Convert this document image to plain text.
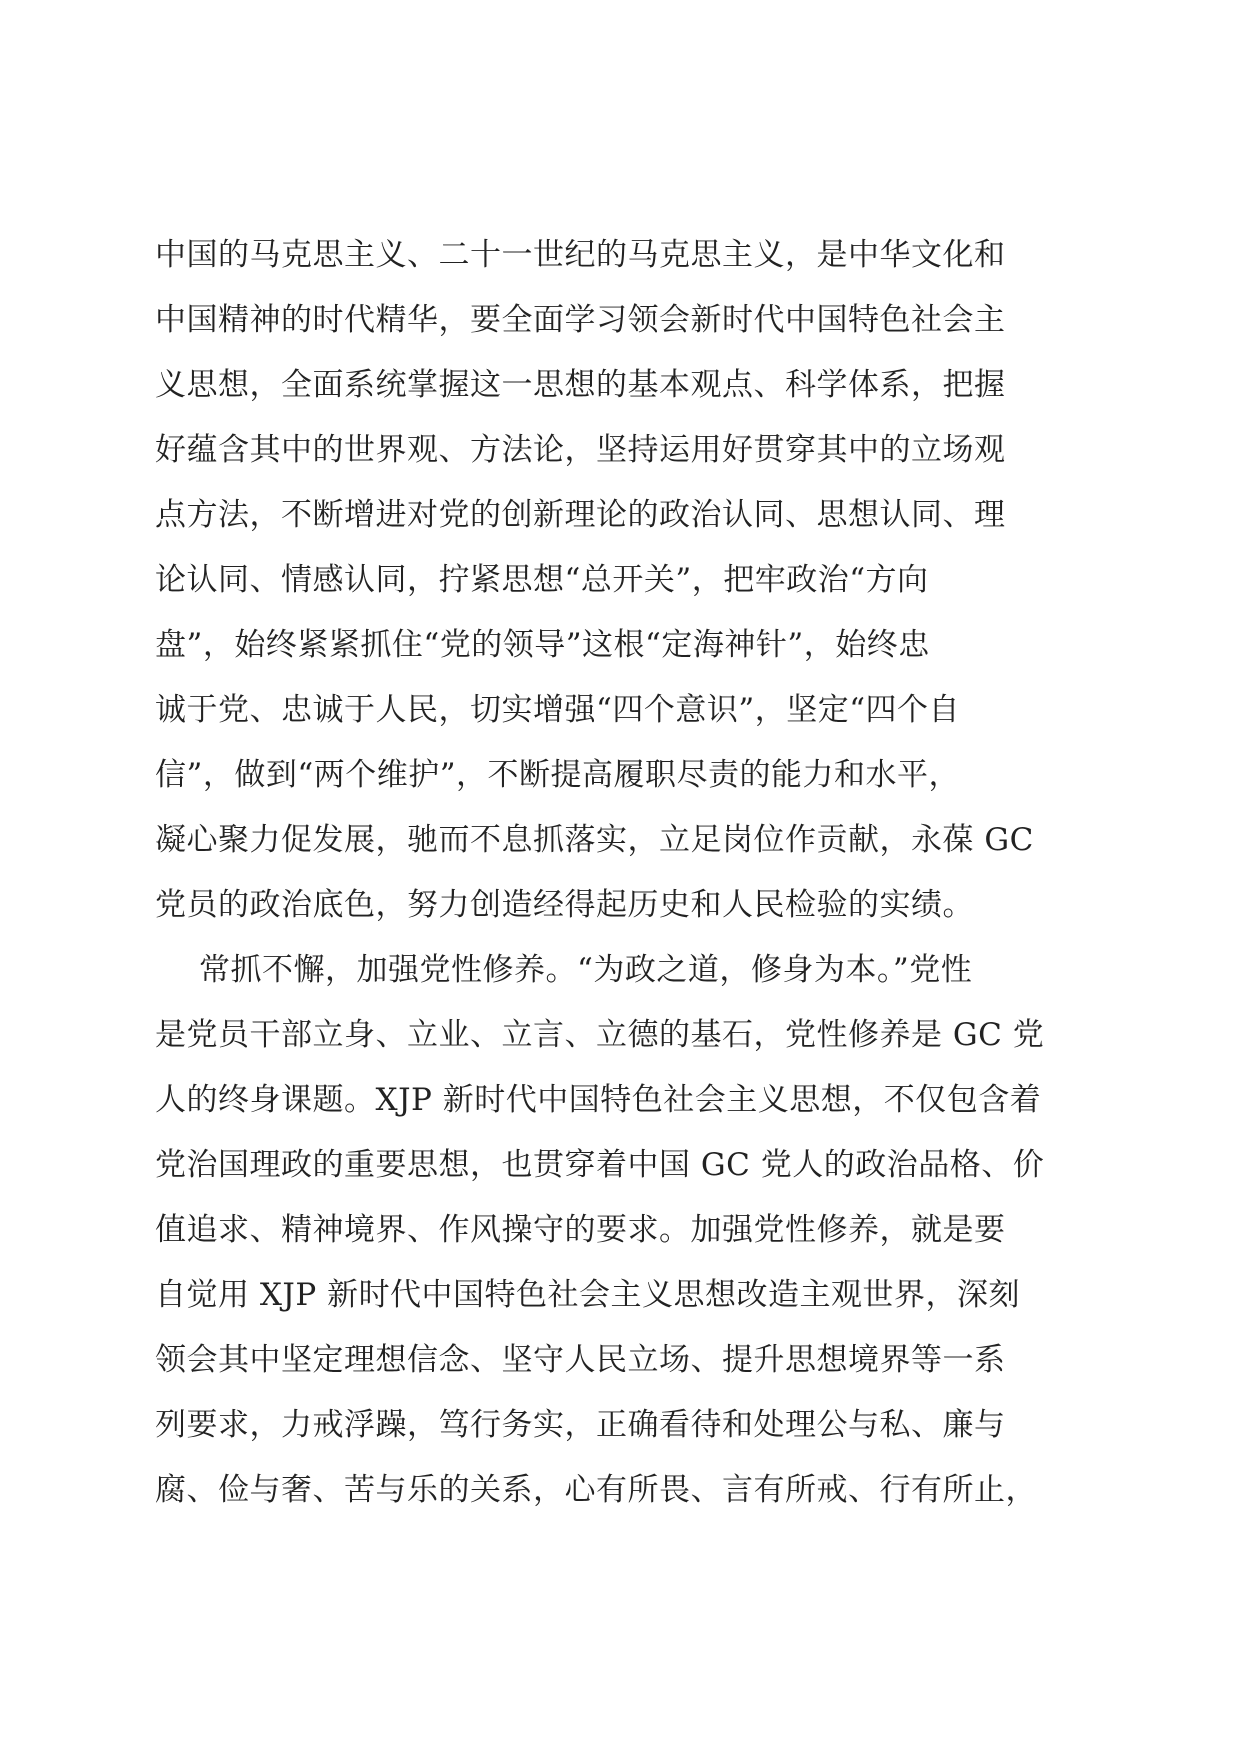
中国的马克思主义、二十一世纪的马克思主义，是中华文化和
中国精神的时代精华，要全面学习领会新时代中国特色社会主
义思想，全面系统掌握这一思想的基本观点、科学体系，把握
好蕴含其中的世界观、方法论，坚持运用好贯穿其中的立场观
点方法，不断增进对党的创新理论的政治认同、思想认同、理
论认同、情感认同，拧紧思想“总开关”，把牢政治“方向
盘”，始终紧紧抓住“党的领导”这根“定海神针”，始终忠
诚于党、忠诚于人民，切实增强“四个意识”，坚定“四个自
信”，做到“两个维护”，不断提高履职尽责的能力和水平，
凝心聚力促发展，驰而不息抓落实，立足岗位作贡献，永葆 GC
党员的政治底色，努力创造经得起历史和人民检验的实绩。
常抓不懈，加强党性修养。“为政之道，修身为本。”党性
是党员干部立身、立业、立言、立德的基石，党性修养是 GC 党
人的终身课题。XJP 新时代中国特色社会主义思想，不仅包含着
党治国理政的重要思想，也贯穿着中国 GC 党人的政治品格、价
值追求、精神境界、作风操守的要求。加强党性修养，就是要
自觉用 XJP 新时代中国特色社会主义思想改造主观世界，深刻
领会其中坚定理想信念、坚守人民立场、提升思想境界等一系
列要求，力戒浮躁，笃行务实，正确看待和处理公与私、廉与
腐、俭与奢、苦与乐的关系，心有所畏、言有所戒、行有所止，
